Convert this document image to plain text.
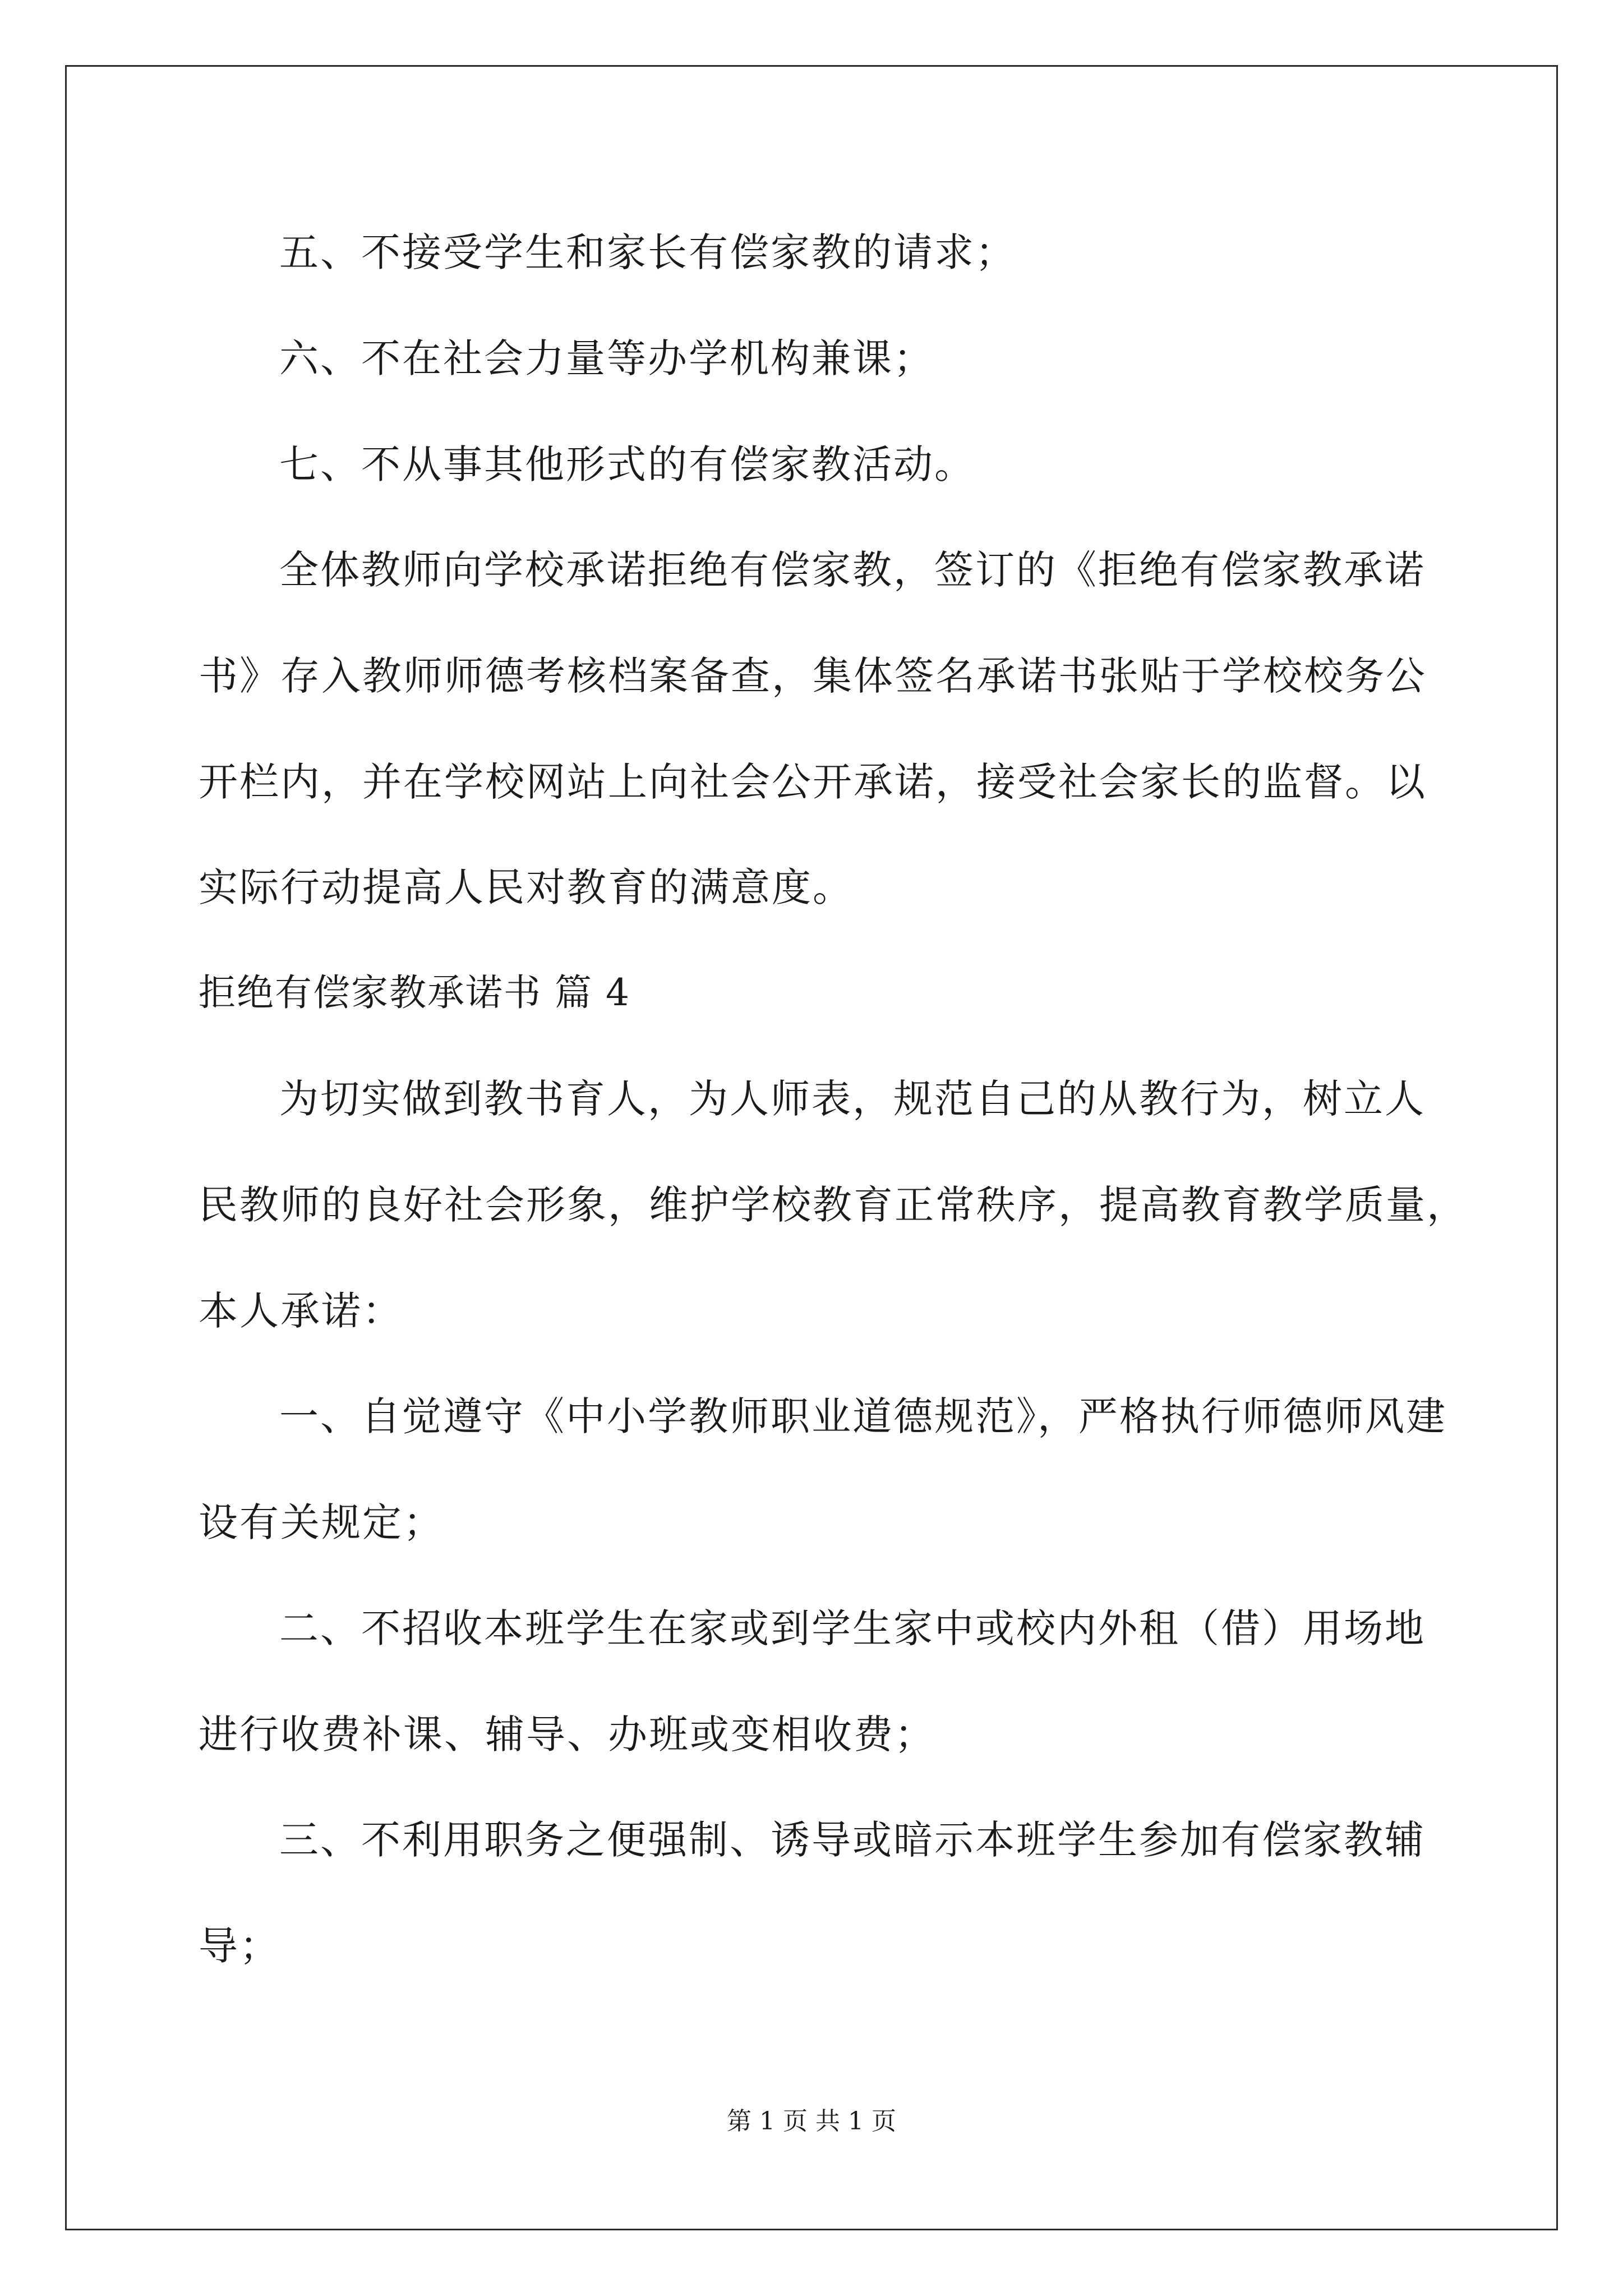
五、不接受学生和家长有偿家教的请求；
六、不在社会力量等办学机构兼课；
七、不从事其他形式的有偿家教活动。
全体教师向学校承诺拒绝有偿家教，签订的《拒绝有偿家教承诺
书》存入教师师德考核档案备查，集体签名承诺书张贴于学校校务公
开栏内，并在学校网站上向社会公开承诺，接受社会家长的监督。以
实际行动提高人民对教育的满意度。
拒绝有偿家教承诺书 篇 4
为切实做到教书育人，为人师表，规范自己的从教行为，树立人
民教师的良好社会形象，维护学校教育正常秩序，提高教育教学质量，
本人承诺：
一、自觉遵守《中小学教师职业道德规范》，严格执行师德师风建
设有关规定；
二、不招收本班学生在家或到学生家中或校内外租（借）用场地
进行收费补课、辅导、办班或变相收费；
三、不利用职务之便强制、诱导或暗示本班学生参加有偿家教辅
导；
第 1 页 共 1 页
